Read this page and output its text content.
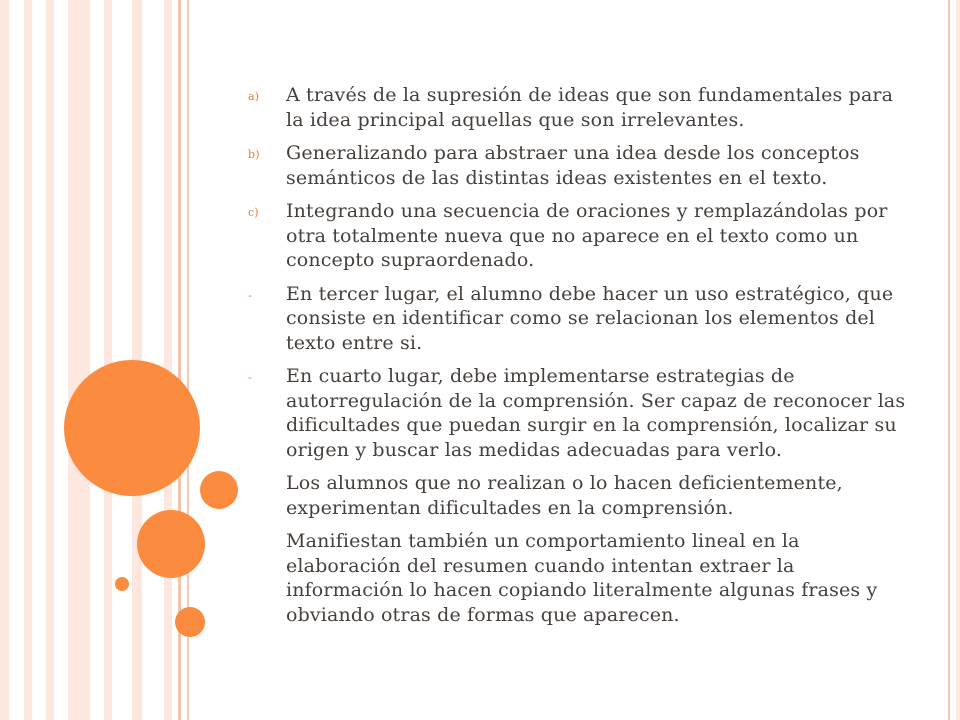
a) A través de la supresión de ideas que son fundamentales para la idea principal aquellas que son irrelevantes.
b) Generalizando para abstraer una idea desde los conceptos semánticos de las distintas ideas existentes en el texto.
c) Integrando una secuencia de oraciones y remplazándolas por otra totalmente nueva que no aparece en el texto como un concepto supraordenado.
- En tercer lugar, el alumno debe hacer un uso estratégico, que consiste en identificar como se relacionan los elementos del texto entre si.
- En cuarto lugar, debe implementarse estrategias de autorregulación de la comprensión. Ser capaz de reconocer las dificultades que puedan surgir en la comprensión, localizar su origen y buscar las medidas adecuadas para verlo.
Los alumnos que no realizan o lo hacen deficientemente, experimentan dificultades en la comprensión.
Manifiestan también un comportamiento lineal en la elaboración del resumen cuando intentan extraer la información lo hacen copiando literalmente algunas frases y obviando otras de formas que aparecen.
